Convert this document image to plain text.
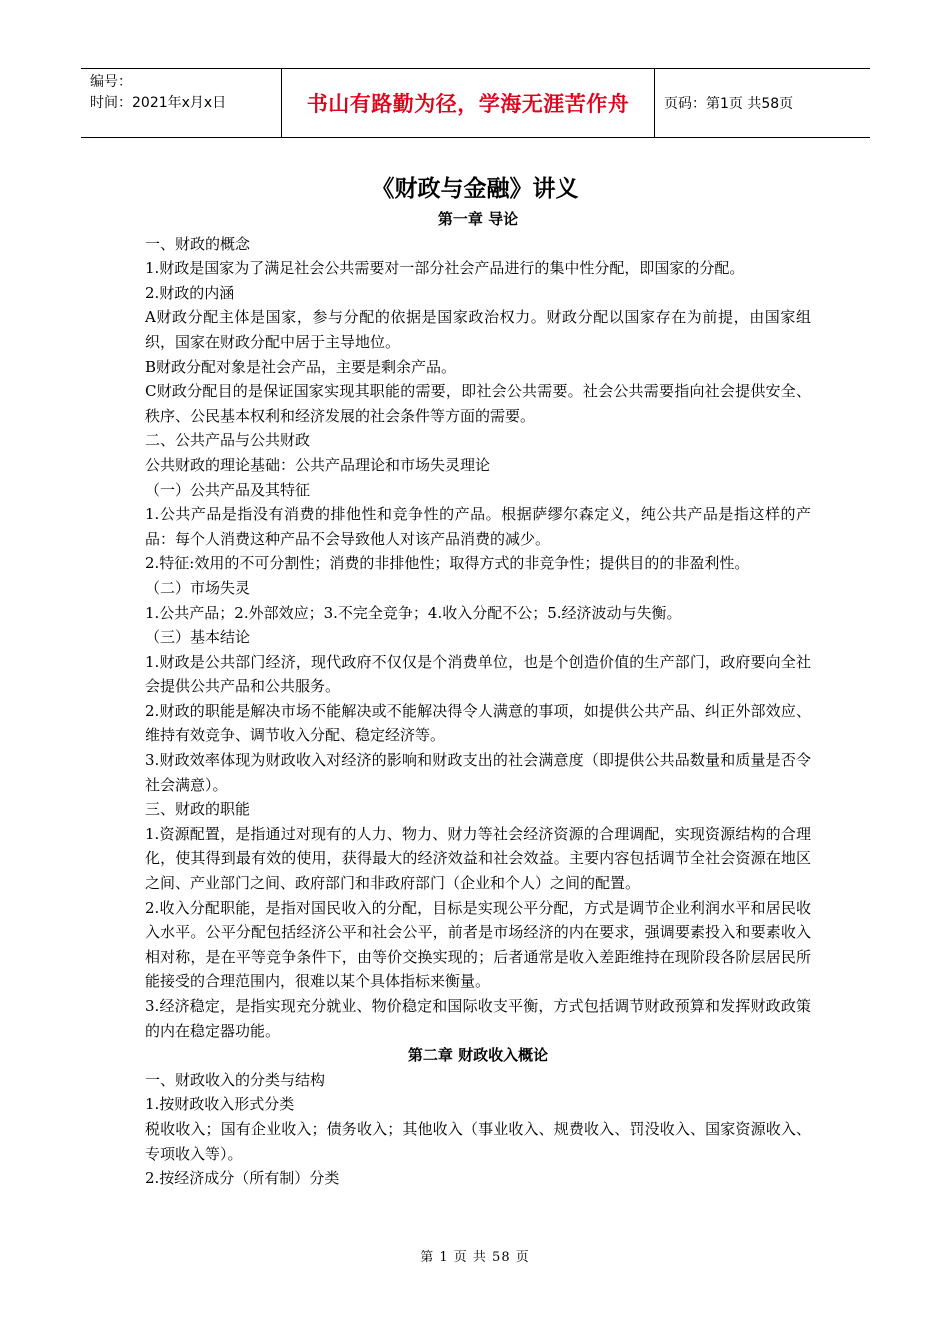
编号：
时间：2021年x月x日	书山有路勤为径，学海无涯苦作舟	页码：第1页 共58页
《财政与金融》讲义

第一章 导论

一、财政的概念

1.财政是国家为了满足社会公共需要对一部分社会产品进行的集中性分配，即国家的分配。

2.财政的内涵

A财政分配主体是国家，参与分配的依据是国家政治权力。财政分配以国家存在为前提，由国家组织，国家在财政分配中居于主导地位。

B财政分配对象是社会产品，主要是剩余产品。

C财政分配目的是保证国家实现其职能的需要，即社会公共需要。社会公共需要指向社会提供安全、秩序、公民基本权利和经济发展的社会条件等方面的需要。

二、公共产品与公共财政

公共财政的理论基础：公共产品理论和市场失灵理论

（一）公共产品及其特征

1.公共产品是指没有消费的排他性和竞争性的产品。根据萨缪尔森定义，纯公共产品是指这样的产品：每个人消费这种产品不会导致他人对该产品消费的减少。

2.特征:效用的不可分割性；消费的非排他性；取得方式的非竞争性；提供目的的非盈利性。

（二）市场失灵

1.公共产品；2.外部效应；3.不完全竞争；4.收入分配不公；5.经济波动与失衡。

（三）基本结论

1.财政是公共部门经济，现代政府不仅仅是个消费单位，也是个创造价值的生产部门，政府要向全社会提供公共产品和公共服务。

2.财政的职能是解决市场不能解决或不能解决得令人满意的事项，如提供公共产品、纠正外部效应、维持有效竞争、调节收入分配、稳定经济等。

3.财政效率体现为财政收入对经济的影响和财政支出的社会满意度（即提供公共品数量和质量是否令社会满意）。

三、财政的职能

1.资源配置，是指通过对现有的人力、物力、财力等社会经济资源的合理调配，实现资源结构的合理化，使其得到最有效的使用，获得最大的经济效益和社会效益。主要内容包括调节全社会资源在地区之间、产业部门之间、政府部门和非政府部门（企业和个人）之间的配置。

2.收入分配职能，是指对国民收入的分配，目标是实现公平分配，方式是调节企业利润水平和居民收入水平。公平分配包括经济公平和社会公平，前者是市场经济的内在要求，强调要素投入和要素收入相对称，是在平等竞争条件下，由等价交换实现的；后者通常是收入差距维持在现阶段各阶层居民所能接受的合理范围内，很难以某个具体指标来衡量。

3.经济稳定，是指实现充分就业、物价稳定和国际收支平衡，方式包括调节财政预算和发挥财政政策的内在稳定器功能。

第二章 财政收入概论

一、财政收入的分类与结构

1.按财政收入形式分类

税收收入；国有企业收入；债务收入；其他收入（事业收入、规费收入、罚没收入、国家资源收入、专项收入等）。

2.按经济成分（所有制）分类

第 1 页 共 58 页
